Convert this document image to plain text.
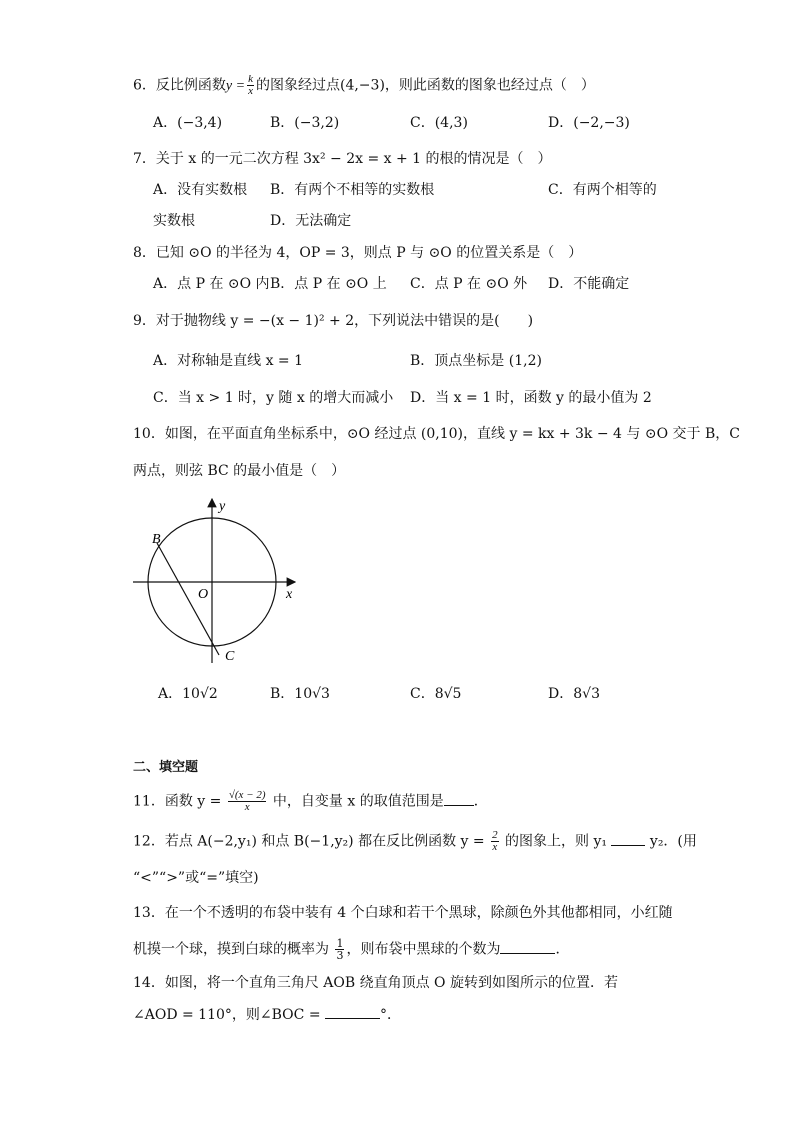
6．反比例函数$y = \frac{k}{x}$ 的图象经过点(4,−3)，则此函数的图象也经过点（　）
A．(−3,4)	B．(−3,2)	C．(4,3)	D．(−2,−3)
7．关于 x 的一元二次方程 3x² − 2x = x + 1 的根的情况是（　）
A．没有实数根 B．有两个不相等的实数根	C．有两个相等的
实数根	D．无法确定
8．已知 ⊙O 的半径为 4，OP = 3，则点 P 与 ⊙O 的位置关系是（　）
A．点 P 在 ⊙O 内 B．点 P 在 ⊙O 上 C．点 P 在 ⊙O 外 D．不能确定
9．对于抛物线 y = −(x − 1)² + 2，下列说法中错误的是(　　)
A．对称轴是直线 x = 1	B．顶点坐标是 (1,2)
C．当 x > 1 时，y 随 x 的增大而减小 D．当 x = 1 时，函数 y 的最小值为 2
10．如图，在平面直角坐标系中，⊙O 经过点 (0,10)，直线 y = kx + 3k − 4 与 ⊙O 交于 B，C
两点，则弦 BC 的最小值是（　）
y
x
O
B
C
A．10√2	B．10√3	C．8√5	D．8√3
二、填空题
11．函数 $y = \frac{√(x - 2)}{x}$ 中，自变量 x 的取值范围是 ．
12．若点 A(−2,y₁) 和点 B(−1,y₂) 都在反比例函数 $y = \frac{2}{x}$ 的图象上，则 y₁	y₂．(用
“<”“>”或“=”填空)
13．在一个不透明的布袋中装有 4 个白球和若干个黑球，除颜色外其他都相同，小红随
机摸一个球，摸到白球的概率为 $\frac{1}{3}$ ，则布袋中黑球的个数为	．
14．如图，将一个直角三角尺 AOB 绕直角顶点 O 旋转到如图所示的位置．若
∠AOD = 110°，则∠BOC =	°．
